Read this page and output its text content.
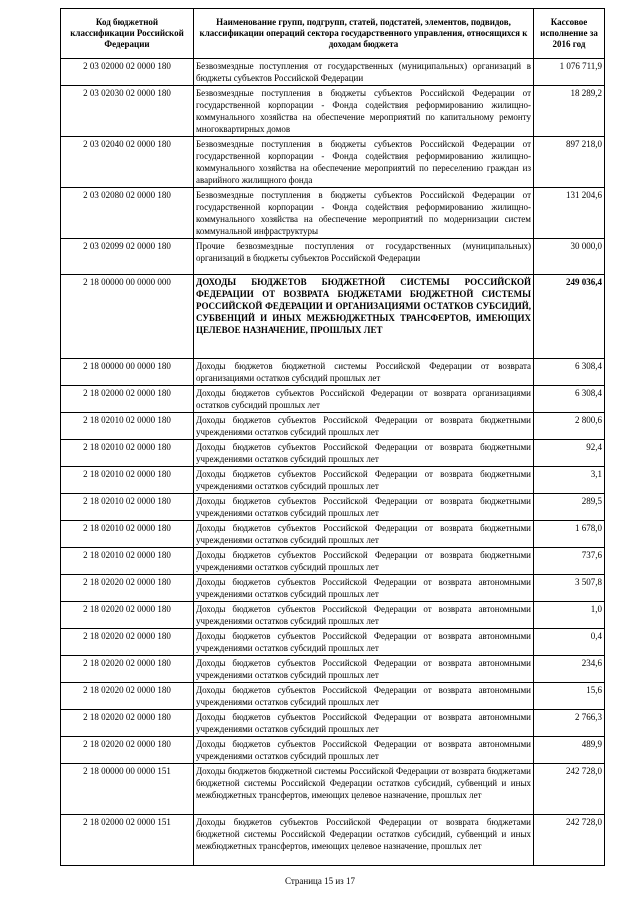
Код бюджетной классификации Российской Федерации	Наименование групп, подгрупп, статей, подстатей, элементов, подвидов, классификации операций сектора государственного управления, относящихся к доходам бюджета	Кассовое исполнение за 2016 год
2 03 02000 02 0000 180	Безвозмездные поступления от государственных (муниципальных) организаций в бюджеты субъектов Российской Федерации	1 076 711,9
2 03 02030 02 0000 180	Безвозмездные поступления в бюджеты субъектов Российской Федерации от государственной корпорации - Фонда содействия реформированию жилищно-коммунального хозяйства на обеспечение мероприятий по капитальному ремонту многоквартирных домов	18 289,2
2 03 02040 02 0000 180	Безвозмездные поступления в бюджеты субъектов Российской Федерации от государственной корпорации - Фонда содействия реформированию жилищно-коммунального хозяйства на обеспечение мероприятий по переселению граждан из аварийного жилищного фонда	897 218,0
2 03 02080 02 0000 180	Безвозмездные поступления в бюджеты субъектов Российской Федерации от государственной корпорации - Фонда содействия реформированию жилищно-коммунального хозяйства на обеспечение мероприятий по модернизации систем коммунальной инфраструктуры	131 204,6
2 03 02099 02 0000 180	Прочие безвозмездные поступления от государственных (муниципальных) организаций в бюджеты субъектов Российской Федерации	30 000,0
2 18 00000 00 0000 000	ДОХОДЫ БЮДЖЕТОВ БЮДЖЕТНОЙ СИСТЕМЫ РОССИЙСКОЙ ФЕДЕРАЦИИ ОТ ВОЗВРАТА БЮДЖЕТАМИ БЮДЖЕТНОЙ СИСТЕМЫ РОССИЙСКОЙ ФЕДЕРАЦИИ И ОРГАНИЗАЦИЯМИ ОСТАТКОВ СУБСИДИЙ, СУБВЕНЦИЙ И ИНЫХ МЕЖБЮДЖЕТНЫХ ТРАНСФЕРТОВ, ИМЕЮЩИХ ЦЕЛЕВОЕ НАЗНАЧЕНИЕ, ПРОШЛЫХ ЛЕТ	249 036,4
2 18 00000 00 0000 180	Доходы бюджетов бюджетной системы Российской Федерации от возврата организациями остатков субсидий прошлых лет	6 308,4
2 18 02000 02 0000 180	Доходы бюджетов субъектов Российской Федерации от возврата организациями остатков субсидий прошлых лет	6 308,4
2 18 02010 02 0000 180	Доходы бюджетов субъектов Российской Федерации от возврата бюджетными учреждениями остатков субсидий прошлых лет	2 800,6
2 18 02010 02 0000 180	Доходы бюджетов субъектов Российской Федерации от возврата бюджетными учреждениями остатков субсидий прошлых лет	92,4
2 18 02010 02 0000 180	Доходы бюджетов субъектов Российской Федерации от возврата бюджетными учреждениями остатков субсидий прошлых лет	3,1
2 18 02010 02 0000 180	Доходы бюджетов субъектов Российской Федерации от возврата бюджетными учреждениями остатков субсидий прошлых лет	289,5
2 18 02010 02 0000 180	Доходы бюджетов субъектов Российской Федерации от возврата бюджетными учреждениями остатков субсидий прошлых лет	1 678,0
2 18 02010 02 0000 180	Доходы бюджетов субъектов Российской Федерации от возврата бюджетными учреждениями остатков субсидий прошлых лет	737,6
2 18 02020 02 0000 180	Доходы бюджетов субъектов Российской Федерации от возврата автономными учреждениями остатков субсидий прошлых лет	3 507,8
2 18 02020 02 0000 180	Доходы бюджетов субъектов Российской Федерации от возврата автономными учреждениями остатков субсидий прошлых лет	1,0
2 18 02020 02 0000 180	Доходы бюджетов субъектов Российской Федерации от возврата автономными учреждениями остатков субсидий прошлых лет	0,4
2 18 02020 02 0000 180	Доходы бюджетов субъектов Российской Федерации от возврата автономными учреждениями остатков субсидий прошлых лет	234,6
2 18 02020 02 0000 180	Доходы бюджетов субъектов Российской Федерации от возврата автономными учреждениями остатков субсидий прошлых лет	15,6
2 18 02020 02 0000 180	Доходы бюджетов субъектов Российской Федерации от возврата автономными учреждениями остатков субсидий прошлых лет	2 766,3
2 18 02020 02 0000 180	Доходы бюджетов субъектов Российской Федерации от возврата автономными учреждениями остатков субсидий прошлых лет	489,9
2 18 00000 00 0000 151	Доходы бюджетов бюджетной системы Российской Федерации от возврата бюджетами бюджетной системы Российской Федерации остатков субсидий, субвенций и иных межбюджетных трансфертов, имеющих целевое назначение, прошлых лет	242 728,0
2 18 02000 02 0000 151	Доходы бюджетов субъектов Российской Федерации от возврата бюджетами бюджетной системы Российской Федерации остатков субсидий, субвенций и иных межбюджетных трансфертов, имеющих целевое назначение, прошлых лет	242 728,0
Страница 15 из 17
